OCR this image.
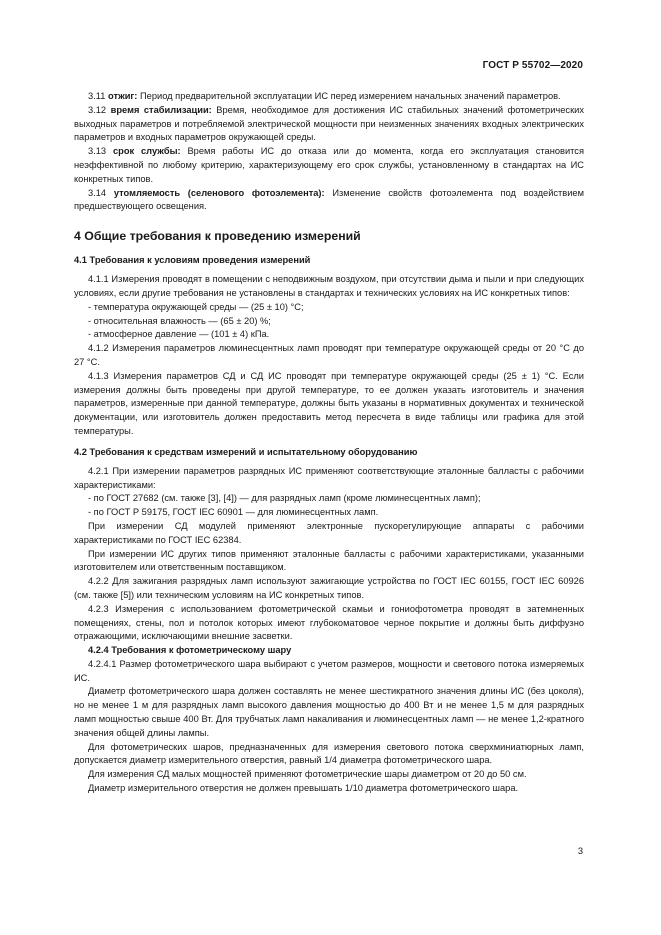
ГОСТ Р 55702—2020

3.11 отжиг: Период предварительной эксплуатации ИС перед измерением начальных значений параметров.

3.12 время стабилизации: Время, необходимое для достижения ИС стабильных значений фотометрических выходных параметров и потребляемой электрической мощности при неизменных значениях входных электрических параметров и входных параметров окружающей среды.

3.13 срок службы: Время работы ИС до отказа или до момента, когда его эксплуатация становится неэффективной по любому критерию, характеризующему его срок службы, установленному в стандартах на ИС конкретных типов.

3.14 утомляемость (селенового фотоэлемента): Изменение свойств фотоэлемента под воздействием предшествующего освещения.

4 Общие требования к проведению измерений
4.1 Требования к условиям проведения измерений

4.1.1 Измерения проводят в помещении с неподвижным воздухом, при отсутствии дыма и пыли и при следующих условиях, если другие требования не установлены в стандартах и технических условиях на ИС конкретных типов:

- температура окружающей среды — (25 ± 10) °С;

- относительная влажность — (65 ± 20) %;

- атмосферное давление — (101 ± 4) кПа.

4.1.2 Измерения параметров люминесцентных ламп проводят при температуре окружающей среды от 20 °С до 27 °С.

4.1.3 Измерения параметров СД и СД ИС проводят при температуре окружающей среды (25 ± 1) °С. Если измерения должны быть проведены при другой температуре, то ее должен указать изготовитель и значения параметров, измеренные при данной температуре, должны быть указаны в нормативных документах и технической документации, или изготовитель должен предоставить метод пересчета в виде таблицы или графика для этой температуры.

4.2 Требования к средствам измерений и испытательному оборудованию

4.2.1 При измерении параметров разрядных ИС применяют соответствующие эталонные балласты с рабочими характеристиками:

- по ГОСТ 27682 (см. также [3], [4]) — для разрядных ламп (кроме люминесцентных ламп);

- по ГОСТ Р 59175, ГОСТ IEC 60901 — для люминесцентных ламп.

При измерении СД модулей применяют электронные пускорегулирующие аппараты с рабочими характеристиками по ГОСТ IEC 62384.

При измерении ИС других типов применяют эталонные балласты с рабочими характеристиками, указанными изготовителем или ответственным поставщиком.

4.2.2 Для зажигания разрядных ламп используют зажигающие устройства по ГОСТ IEC 60155, ГОСТ IEC 60926 (см. также [5]) или техническим условиям на ИС конкретных типов.

4.2.3 Измерения с использованием фотометрической скамьи и гониофотометра проводят в затемненных помещениях, стены, пол и потолок которых имеют глубокоматовое черное покрытие и должны быть диффузно отражающими, исключающими внешние засветки.

4.2.4 Требования к фотометрическому шару

4.2.4.1 Размер фотометрического шара выбирают с учетом размеров, мощности и светового потока измеряемых ИС.

Диаметр фотометрического шара должен составлять не менее шестикратного значения длины ИС (без цоколя), но не менее 1 м для разрядных ламп высокого давления мощностью до 400 Вт и не менее 1,5 м для разрядных ламп мощностью свыше 400 Вт. Для трубчатых ламп накаливания и люминесцентных ламп — не менее 1,2-кратного значения общей длины лампы.

Для фотометрических шаров, предназначенных для измерения светового потока сверхминиатюрных ламп, допускается диаметр измерительного отверстия, равный 1/4 диаметра фотометрического шара.

Для измерения СД малых мощностей применяют фотометрические шары диаметром от 20 до 50 см.

Диаметр измерительного отверстия не должен превышать 1/10 диаметра фотометрического шара.

3
